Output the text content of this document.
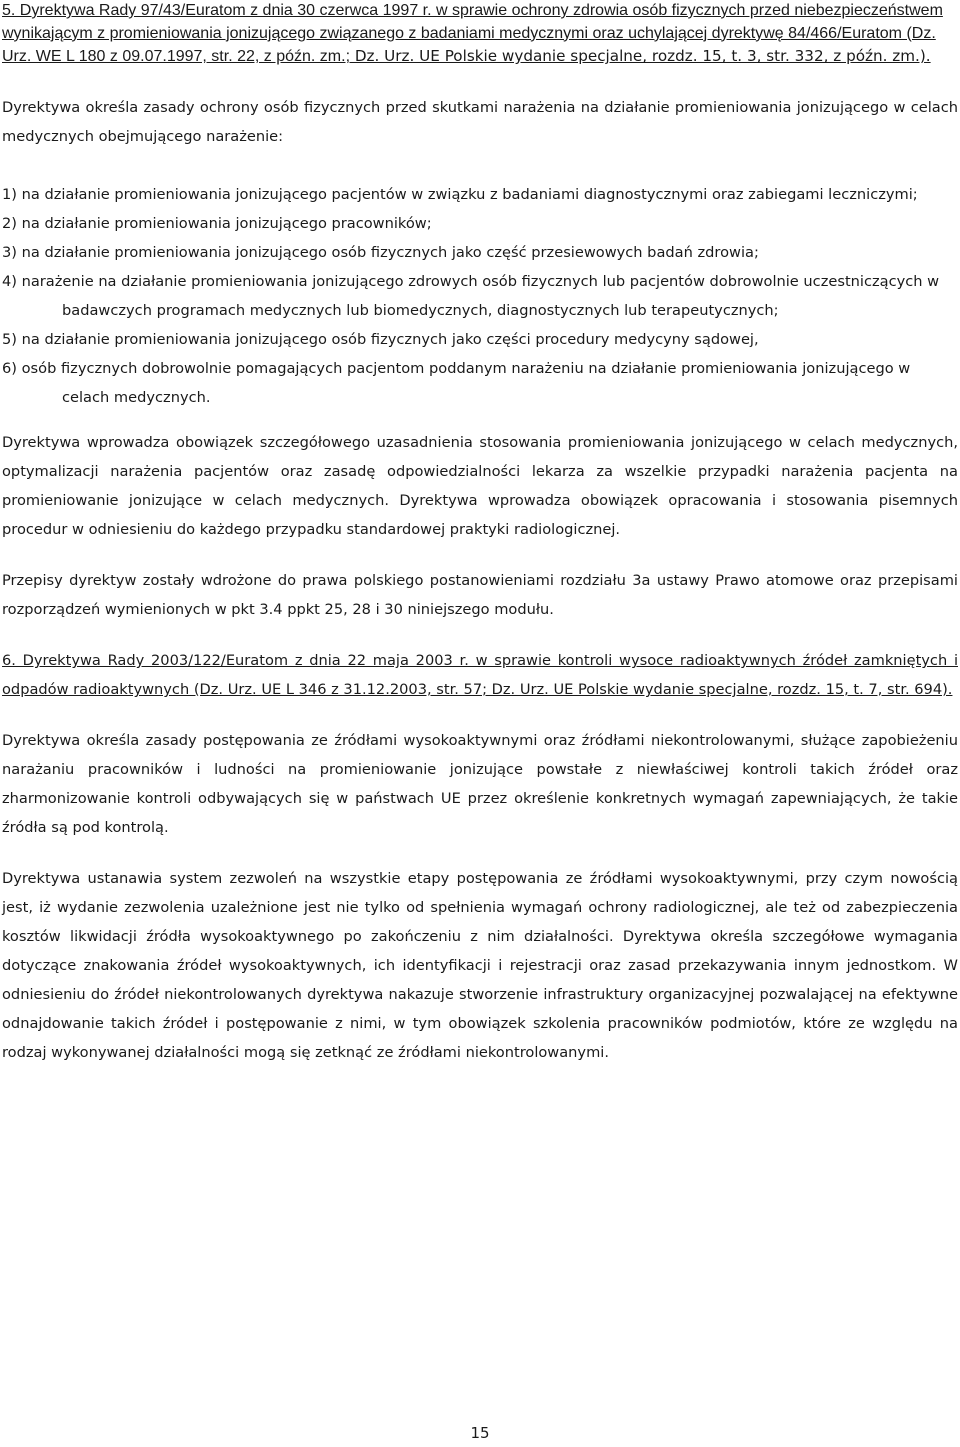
5. Dyrektywa Rady 97/43/Euratom z dnia 30 czerwca 1997 r. w sprawie ochrony zdrowia osób fizycznych przed niebezpieczeństwem wynikającym z promieniowania jonizującego związanego z badaniami medycznymi oraz uchylającej dyrektywę 84/466/Euratom (Dz. Urz. WE L 180 z 09.07.1997, str. 22, z późn. zm.; Dz. Urz. UE Polskie wydanie specjalne, rozdz. 15, t. 3, str. 332, z późn. zm.).

Dyrektywa określa zasady ochrony osób fizycznych przed skutkami narażenia na działanie promieniowania jonizującego w celach medycznych obejmującego narażenie:

1) na działanie promieniowania jonizującego pacjentów w związku z badaniami diagnostycznymi oraz zabiegami leczniczymi;
2) na działanie promieniowania jonizującego pracowników;
3) na działanie promieniowania jonizującego osób fizycznych jako część przesiewowych badań zdrowia;
4) narażenie na działanie promieniowania jonizującego zdrowych osób fizycznych lub pacjentów dobrowolnie uczestniczących w badawczych programach medycznych lub biomedycznych, diagnostycznych lub terapeutycznych;
5) na działanie promieniowania jonizującego osób fizycznych jako części procedury medycyny sądowej,
6) osób fizycznych dobrowolnie pomagających pacjentom poddanym narażeniu na działanie promieniowania jonizującego w celach medycznych.

Dyrektywa wprowadza obowiązek szczegółowego uzasadnienia stosowania promieniowania jonizującego w celach medycznych, optymalizacji narażenia pacjentów oraz zasadę odpowiedzialności lekarza za wszelkie przypadki narażenia pacjenta na promieniowanie jonizujące w celach medycznych. Dyrektywa wprowadza obowiązek opracowania i stosowania pisemnych procedur w odniesieniu do każdego przypadku standardowej praktyki radiologicznej.

Przepisy dyrektyw zostały wdrożone do prawa polskiego postanowieniami rozdziału 3a ustawy Prawo atomowe oraz przepisami rozporządzeń wymienionych w pkt 3.4 ppkt 25, 28 i 30 niniejszego modułu.

6. Dyrektywa Rady 2003/122/Euratom z dnia 22 maja 2003 r. w sprawie kontroli wysoce radioaktywnych źródeł zamkniętych i odpadów radioaktywnych (Dz. Urz. UE L 346 z 31.12.2003, str. 57; Dz. Urz. UE Polskie wydanie specjalne, rozdz. 15, t. 7, str. 694).

Dyrektywa określa zasady postępowania ze źródłami wysokoaktywnymi oraz źródłami niekontrolowanymi, służące zapobieżeniu narażaniu pracowników i ludności na promieniowanie jonizujące powstałe z niewłaściwej kontroli takich źródeł oraz zharmonizowanie kontroli odbywających się w państwach UE przez określenie konkretnych wymagań zapewniających, że takie źródła są pod kontrolą.

Dyrektywa ustanawia system zezwoleń na wszystkie etapy postępowania ze źródłami wysokoaktywnymi, przy czym nowością jest, iż wydanie zezwolenia uzależnione jest nie tylko od spełnienia wymagań ochrony radiologicznej, ale też od zabezpieczenia kosztów likwidacji źródła wysokoaktywnego po zakończeniu z nim działalności. Dyrektywa określa szczegółowe wymagania dotyczące znakowania źródeł wysokoaktywnych, ich identyfikacji i rejestracji oraz zasad przekazywania innym jednostkom. W odniesieniu do źródeł niekontrolowanych dyrektywa nakazuje stworzenie infrastruktury organizacyjnej pozwalającej na efektywne odnajdowanie takich źródeł i postępowanie z nimi, w tym obowiązek szkolenia pracowników podmiotów, które ze względu na rodzaj wykonywanej działalności mogą się zetknąć ze źródłami niekontrolowanymi.

15
